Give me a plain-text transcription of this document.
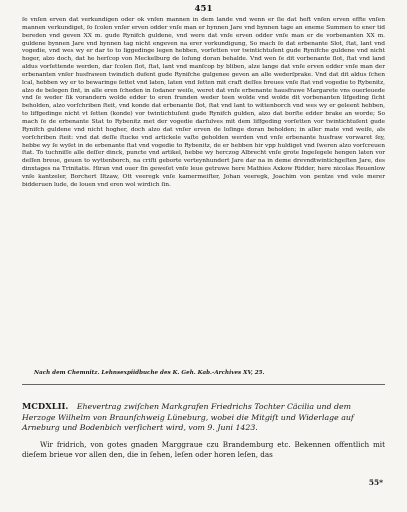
451

ſe vnſen erven dat verkundigen oder ok vnſen mannen in dem lande vnd wenn er ſie dat heft vnſen erven effte vnſen mannen verkundiget, ſo ſcolen vnſer erven odder vnſe man er hynnen Jare vnd bynnen tage an eneme Summen to ener tid bereden vnd geven XX m. gude Rynifch guldene, vnd were dat vnſe erven odder vnſe man er de vorbenanten XX m. guldene bynnen Jare vnd bynnen tag nicht engeven na erer vorkundigung, So mach ſe dat erbenante Slot, ſtat, lant vnd vogedie, vnd wes wy er dar to to liggedinge legen hebben, vorſetten vor twintichtuſent gude Rynifche guldene vnd nicht hoger, alzo doch, dat he herſcop von Meckelburg de loſung doran behalde. Vnd wen ſe dit vorbenante ſlot, ſtat vnd land aldus vorſettende werden, dar ſcolen ſlot, ſtat, lant vnd manſcop by bliben, alze lange dat vnſe erven edder vnſe man der erbenanten vnſer husfrawen twindich dufent gude Rynifche gulgenee geven an alle wederſprake. Vnd dat dit aldus ſchen lcal, hebben wy er to bewaringe ſettet vnd laten, laten vnd ſetten mit craft deſſes breues vnſe ſtat vnd vogedie to Rybenitz, alzo de belegen ſint, in alle eren ſcheden in ſodaner weiſe, weret dat vnſe erbenante hausfrawe Margarete vns ouerleuede vnd ſe weder ſik vorandern wolde edder to eren frunden weder teen wolde vnd wolde dit vorbenanten lifgeding ſicht beholden, alzo vorſchriben ſteit, vnd konde dat erbenante ſlot, ſtat vnd lant to wittenborch vnd wes wy er geleent hebben, to liffgedinge nicht vt ſetten (konde) vor twintichtuſent gude Rynifch gulden, alzo dat borſte edder brake an worde; So mach ſe de erbenante Stat to Rybenitz met der vogedie darſulves mit dem liffgeding vorſetten vor twintichtuſent gude Rynifch guldene vnd nicht hogher, doch alzo dat vnſer erven de loſinge doran beholden; in aller mate vnd weiſe, als vorſchriben ſteit: vnd dat deſſe ſtucke vnd artickele vaſte geholden werden vnd vnſe erbenante husfraw vorwaret ſey, hebbe wy ſe wyſet in de erbenante ſtat vnd vogedie to Rybenitz, de er hebben hir vpp huldiget vnd ſweren alzo vorſcreuen ſtat. To tuchniſſe alle deſſer dinck, puncte vnd artikel, hebbe wy herczog Albrecht vnſe grote Ingeſegele hengen laten vor deſſen breue, geuen to wyttenborch, na criſti geborte verteynhundert Jare dar na in deme drevndtwintichgeſten Jare, des dinxtages na Trinitatis. Hiran vnd ouer ſin geweſet vnſe leue getruwe here Mathies Axkow Ridder, here nicolas Reuenlow vnſe kantzeler, Borchert Iltzaw, Ott veeregk vnſe kamermeiſter, Johan veeregk, Joachim von pentze vnd vele merer bidderuen lude, de louen vnd eren wol wirdich ſin.

Nach dem Chemnitz. Lehnsexpiidbuche des K. Geh. Kab.-Archives XV, 25.
MCDXLII. Ehevertrag zwiſchen Markgrafen Friedrichs Tochter Cäcilia und dem Herzoge Wilhelm von Braunſchweig Lüneburg, wobei die Mitgiſt und Widerlage auf Arneburg und Bodenbich verſichert wird, vom 9. Juni 1423.
Wir fridrich, von gotes gnaden Marggraue czu Brandemburg etc. Bekennen offentlich mit dieſem brieue vor allen den, die in ſehen, leſen oder horen leſen, das
55*
